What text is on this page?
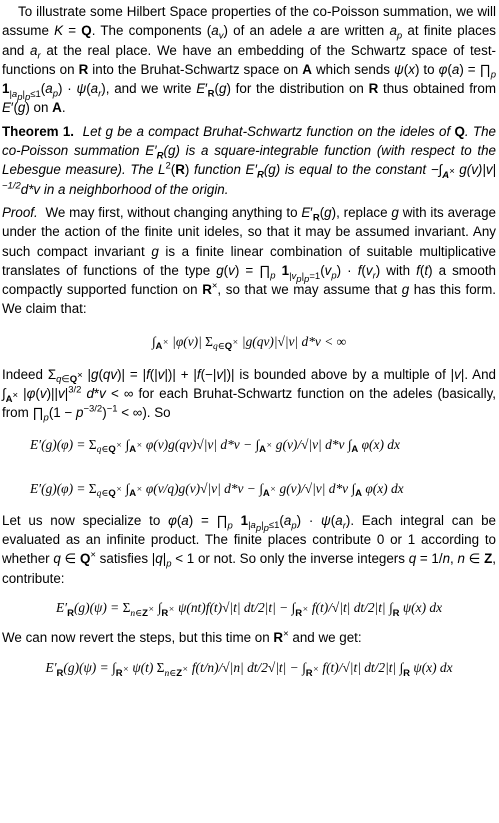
To illustrate some Hilbert Space properties of the co-Poisson summation, we will assume K = Q. The components $(a_v)$ of an adele a are written $a_p$ at finite places and $a_r$ at the real place. We have an embedding of the Schwartz space of test-functions on R into the Bruhat-Schwartz space on A which sends ψ(x) to $\varphi(a) = \prod_p$ $1_{|a_p|_p\le 1}(a_p) \cdot \psi(a_r)$, and we write $E'_R(g)$ for the distribution on R thus obtained from E′(g) on A.

Theorem 1.  Let g be a compact Bruhat-Schwartz function on the ideles of Q. The co-Poisson summation $E'_R(g)$ is a square-integrable function (with respect to the Lebesgue measure). The $L^2(R)$ function $E'_R(g)$ is equal to the constant $-\int_{A^\times}$ $g(v)|v|^{-1/2}d*v$ in a neighborhood of the origin.

Proof.  We may first, without changing anything to $E'_R(g)$, replace g with its average under the action of the finite unit ideles, so that it may be assumed invariant. Any such compact invariant g is a finite linear combination of suitable multiplicative translates of functions of the type $g(v) = \prod_p$ $1_{|v_p|_p=1}(v_p) \cdot f(v_r)$ with f(t) a smooth compactly supported function on R×, so that we may assume that g has this form. We claim that:

$\int_{A^\times}$ |φ(v)| $\Sigma_{q\in Q^\times}$ |g(qv)|√|v| d*v < ∞

Indeed $\Sigma_{q\in Q^\times}$ |g(qv)| = |f(|v|)| + |f(−|v|)| is bounded above by a multiple of |v|. And $\int_{A^\times}$ $|\varphi(v)||v|^{3/2}$ d*v < ∞ for each Bruhat-Schwartz function on the adeles (basically, from $\prod_p(1 - p^{-3/2})^{-1}$ < ∞). So

$E'(g)(\varphi) = \Sigma_{q\in Q^\times}$ $\int_{A^\times}$ φ(v)g(qv)√|v| $d*v - \int_{A^\times}$ g(v)/√|v| d*v $\int_A$ φ(x) dx
$E'(g)(\varphi) = \Sigma_{q\in Q^\times}$ $\int_{A^\times}$ φ(v/q)g(v)√|v| $d*v - \int_{A^\times}$ g(v)/√|v| d*v $\int_A$ φ(x) dx

Let us now specialize to $\varphi(a) = \prod_p$ $1_{|a_p|_p\le 1}(a_p) \cdot \psi(a_r)$. Each integral can be evaluated as an infinite product. The finite places contribute 0 or 1 according to whether q ∈ Q× satisfies $|q|_p < 1$ or not. So only the inverse integers q = 1/n, n ∈ Z, contribute:

$E'_R(g)(\psi) = \Sigma_{n\in Z^\times}$ $\int_{R^\times}$ ψ(nt)f(t)√|t| $dt/2|t| - \int_{R^\times}$ f(t)/√|t| dt/2|t| $\int_R$ ψ(x) dx

We can now revert the steps, but this time on R× and we get:

$E'_R(g)(\psi) = \int_{R^\times}$ ψ(t) $\Sigma_{n\in Z^\times}$ f(t/n)/√|n| $dt/2√|t| - \int_{R^\times}$ f(t)/√|t| dt/2|t| $\int_R$ ψ(x) dx
